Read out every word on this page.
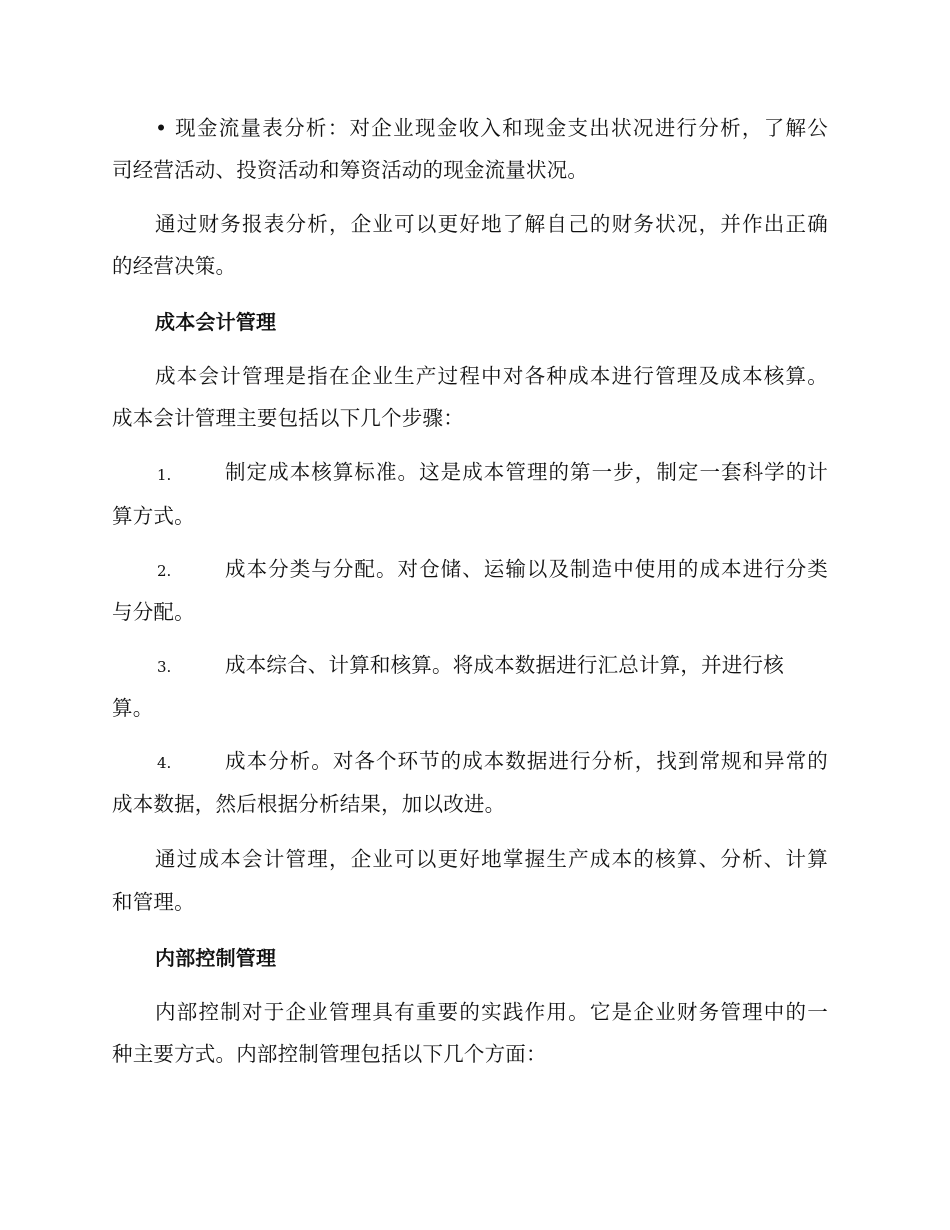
• 现金流量表分析：对企业现金收入和现金支出状况进行分析，了解公
司经营活动、投资活动和筹资活动的现金流量状况。
通过财务报表分析，企业可以更好地了解自己的财务状况，并作出正确
的经营决策。
成本会计管理
成本会计管理是指在企业生产过程中对各种成本进行管理及成本核算。
成本会计管理主要包括以下几个步骤：
1.	制定成本核算标准。这是成本管理的第一步，制定一套科学的计
算方式。
2.	成本分类与分配。对仓储、运输以及制造中使用的成本进行分类
与分配。
3.	成本综合、计算和核算。将成本数据进行汇总计算，并进行核
算。
4.	成本分析。对各个环节的成本数据进行分析，找到常规和异常的
成本数据，然后根据分析结果，加以改进。
通过成本会计管理，企业可以更好地掌握生产成本的核算、分析、计算
和管理。
内部控制管理
内部控制对于企业管理具有重要的实践作用。它是企业财务管理中的一
种主要方式。内部控制管理包括以下几个方面：
